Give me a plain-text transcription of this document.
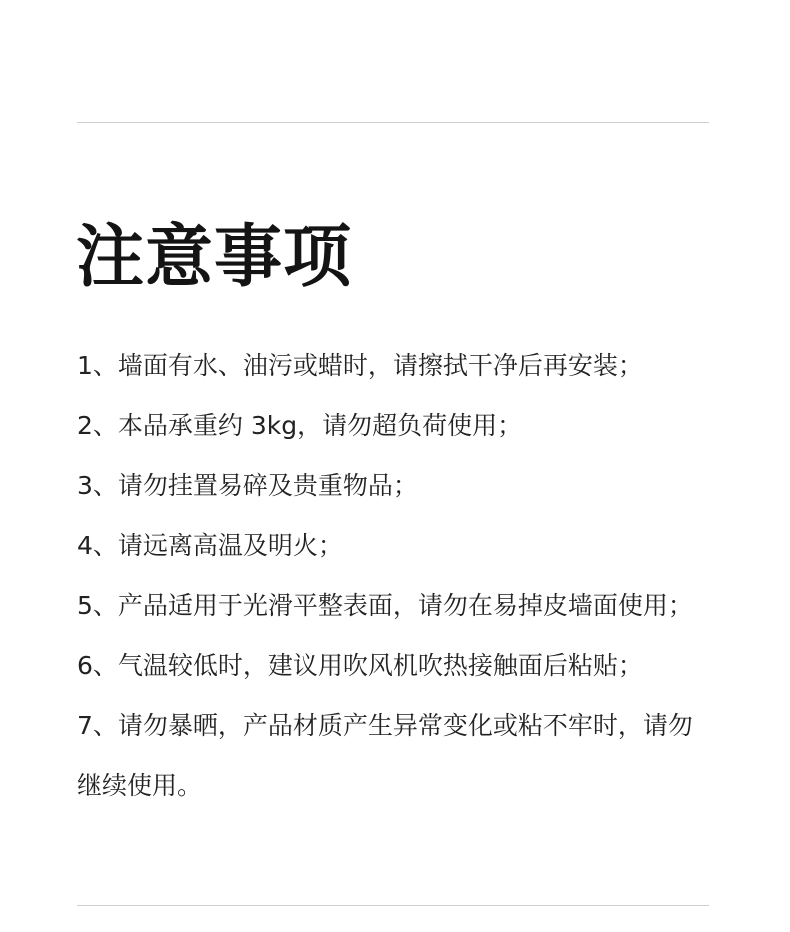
注意事项
1、墙面有水、油污或蜡时，请擦拭干净后再安装；
2、本品承重约 3kg，请勿超负荷使用；
3、请勿挂置易碎及贵重物品；
4、请远离高温及明火；
5、产品适用于光滑平整表面，请勿在易掉皮墙面使用；
6、气温较低时，建议用吹风机吹热接触面后粘贴；
7、请勿暴晒，产品材质产生异常变化或粘不牢时，请勿继续使用。
